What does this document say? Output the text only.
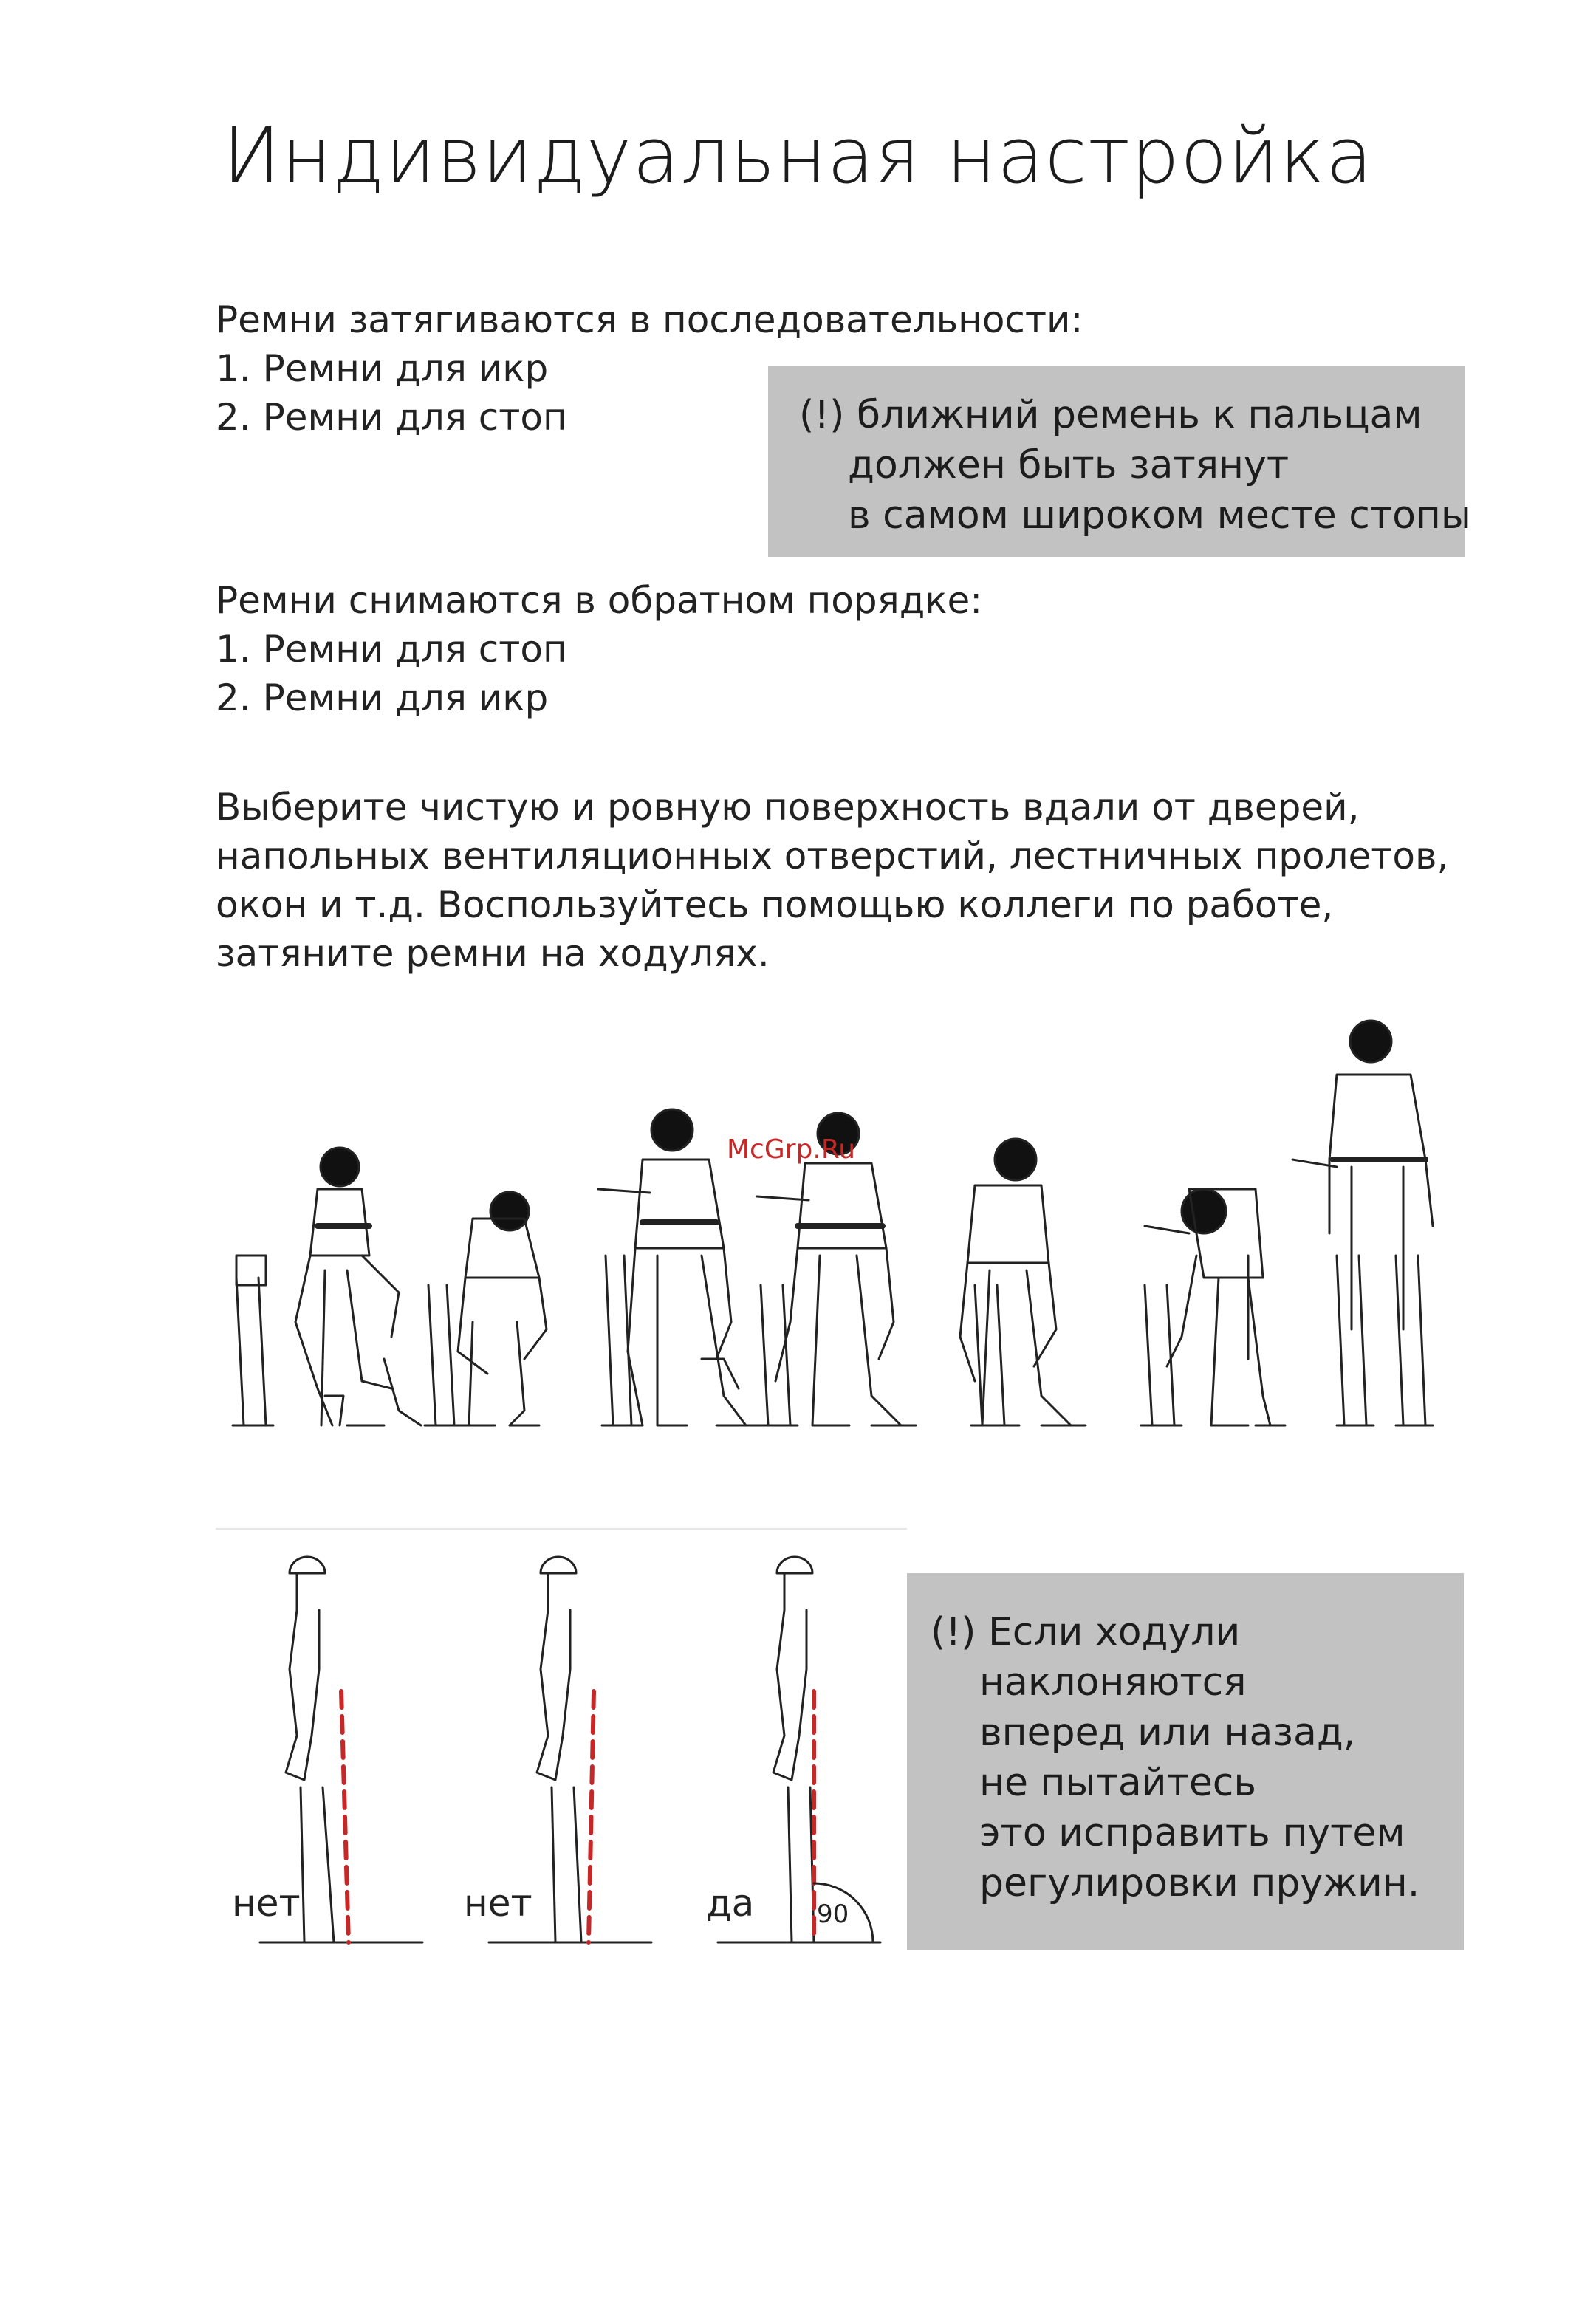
Индивидуальная настройка
Ремни затягиваются в последовательности:
1. Ремни для икр
2. Ремни для стоп	(!) ближний ремень к пальцам
должен быть затянут
в самом широком месте стопы
Ремни снимаются в обратном порядке:
1. Ремни для стоп
2. Ремни для икр
Выберите чистую и ровную поверхность вдали от дверей,
напольных вентиляционных отверстий, лестничных пролетов,
окон и т.д. Воспользуйтесь помощью коллеги по работе,
затяните ремни на ходулях.
McGrp.Ru
нет	нет	да 90
(!) Если ходули
наклоняются
вперед или назад,
не пытайтесь
это исправить путем
регулировки пружин.
